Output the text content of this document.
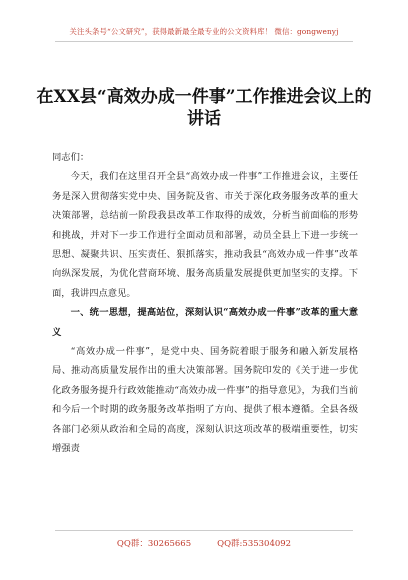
关注头条号“公文研究”，获得最新最全最专业的公文资料库！ 微信：gongwenyj
在XX县“高效办成一件事”工作推进会议上的讲话

同志们：

今天，我们在这里召开全县“高效办成一件事”工作推进会议，主要任务是深入贯彻落实党中央、国务院及省、市关于深化政务服务改革的重大决策部署，总结前一阶段我县改革工作取得的成效，分析当前面临的形势和挑战，并对下一步工作进行全面动员和部署，动员全县上下进一步统一思想、凝聚共识、压实责任、狠抓落实，推动我县“高效办成一件事”改革向纵深发展，为优化营商环境、服务高质量发展提供更加坚实的支撑。下面，我讲四点意见。

一、统一思想，提高站位，深刻认识“高效办成一件事”改革的重大意义

“高效办成一件事”，是党中央、国务院着眼于服务和融入新发展格局、推动高质量发展作出的重大决策部署。国务院印发的《关于进一步优化政务服务提升行政效能推动“高效办成一件事”的指导意见》，为我们当前和今后一个时期的政务服务改革指明了方向、提供了根本遵循。全县各级各部门必须从政治和全局的高度，深刻认识这项改革的极端重要性，切实增强责

QQ群：30265665	QQ群:535304092
